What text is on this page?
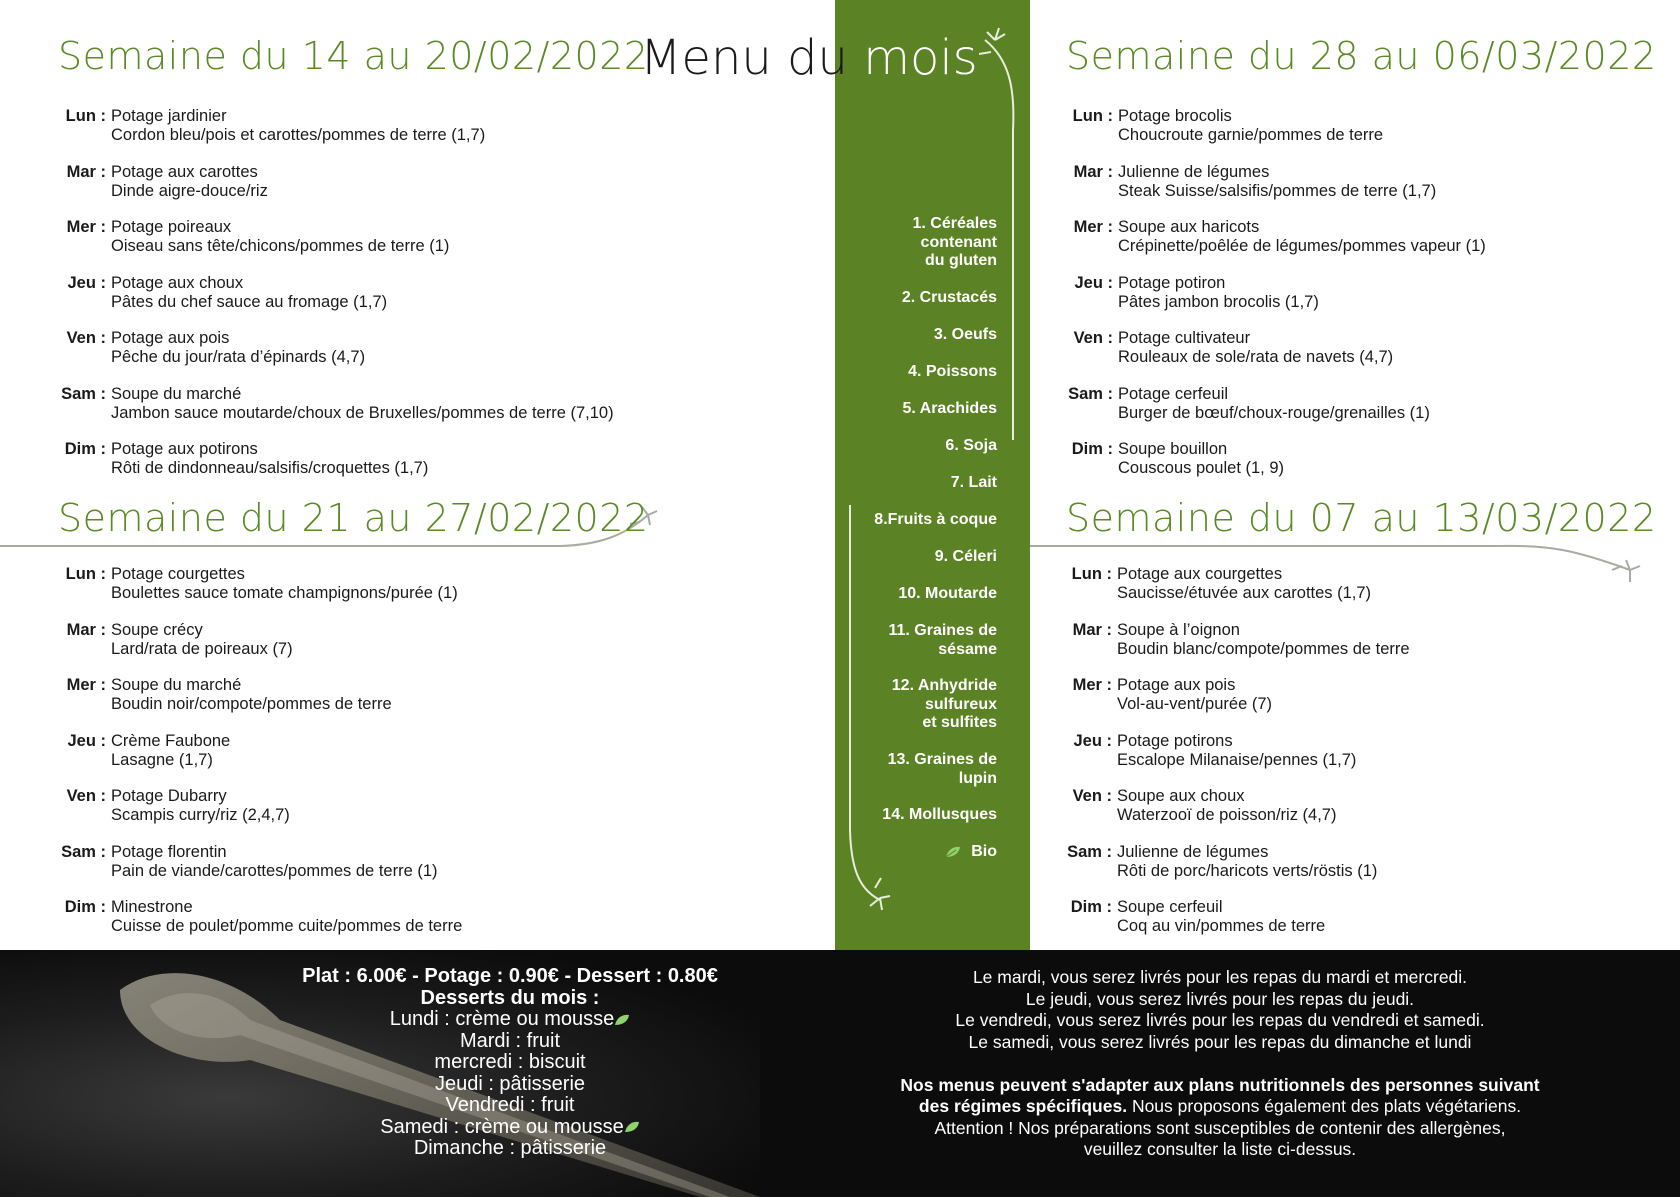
Menu du mois
Semaine du 14 au 20/02/2022
Lun : Potage jardinier
Cordon bleu/pois et carottes/pommes de terre (1,7)
Mar : Potage aux carottes
Dinde aigre-douce/riz
Mer : Potage poireaux
Oiseau sans tête/chicons/pommes de terre (1)
Jeu : Potage aux choux
Pâtes du chef sauce au fromage (1,7)
Ven : Potage aux pois
Pêche du jour/rata d’épinards (4,7)
Sam : Soupe du marché
Jambon sauce moutarde/choux de Bruxelles/pommes de terre (7,10)
Dim : Potage aux potirons
Rôti de dindonneau/salsifis/croquettes (1,7)
Semaine du 21 au 27/02/2022
Lun : Potage courgettes
Boulettes sauce tomate champignons/purée (1)
Mar : Soupe crécy
Lard/rata de poireaux (7)
Mer : Soupe du marché
Boudin noir/compote/pommes de terre
Jeu : Crème Faubone
Lasagne (1,7)
Ven : Potage Dubarry
Scampis curry/riz (2,4,7)
Sam : Potage florentin
Pain de viande/carottes/pommes de terre (1)
Dim : Minestrone
Cuisse de poulet/pomme cuite/pommes de terre
Semaine du 28 au 06/03/2022
Lun : Potage brocolis
Choucroute garnie/pommes de terre
Mar : Julienne de légumes
Steak Suisse/salsifis/pommes de terre (1,7)
Mer : Soupe aux haricots
Crépinette/poêlée de légumes/pommes vapeur (1)
Jeu : Potage potiron
Pâtes jambon brocolis (1,7)
Ven : Potage cultivateur
Rouleaux de sole/rata de navets (4,7)
Sam : Potage cerfeuil
Burger de bœuf/choux-rouge/grenailles (1)
Dim : Soupe bouillon
Couscous poulet (1, 9)
Semaine du 07 au 13/03/2022
Lun : Potage aux courgettes
Saucisse/étuvée aux carottes (1,7)
Mar : Soupe à l’oignon
Boudin blanc/compote/pommes de terre
Mer : Potage aux pois
Vol-au-vent/purée (7)
Jeu : Potage potirons
Escalope Milanaise/pennes (1,7)
Ven : Soupe aux choux
Waterzooï de poisson/riz (4,7)
Sam : Julienne de légumes
Rôti de porc/haricots verts/röstis (1)
Dim : Soupe cerfeuil
Coq au vin/pommes de terre
1. Céréales
contenant
du gluten
2. Crustacés
3. Oeufs
4. Poissons
5. Arachides
6. Soja
7. Lait
8.Fruits à coque
9. Céleri
10. Moutarde
11. Graines de
sésame
12. Anhydride
sulfureux
et sulfites
13. Graines de
lupin
14. Mollusques
Bio
Plat : 6.00€ - Potage : 0.90€ - Dessert : 0.80€
Desserts du mois :
Lundi : crème ou mousse
Mardi : fruit
mercredi : biscuit
Jeudi : pâtisserie
Vendredi : fruit
Samedi : crème ou mousse
Dimanche : pâtisserie
Le mardi, vous serez livrés pour les repas du mardi et mercredi.
Le jeudi, vous serez livrés pour les repas du jeudi.
Le vendredi, vous serez livrés pour les repas du vendredi et samedi.
Le samedi, vous serez livrés pour les repas du dimanche et lundi
Nos menus peuvent s'adapter aux plans nutritionnels des personnes suivant des régimes spécifiques. Nous proposons également des plats végétariens.
Attention ! Nos préparations sont susceptibles de contenir des allergènes,
veuillez consulter la liste ci-dessus.
